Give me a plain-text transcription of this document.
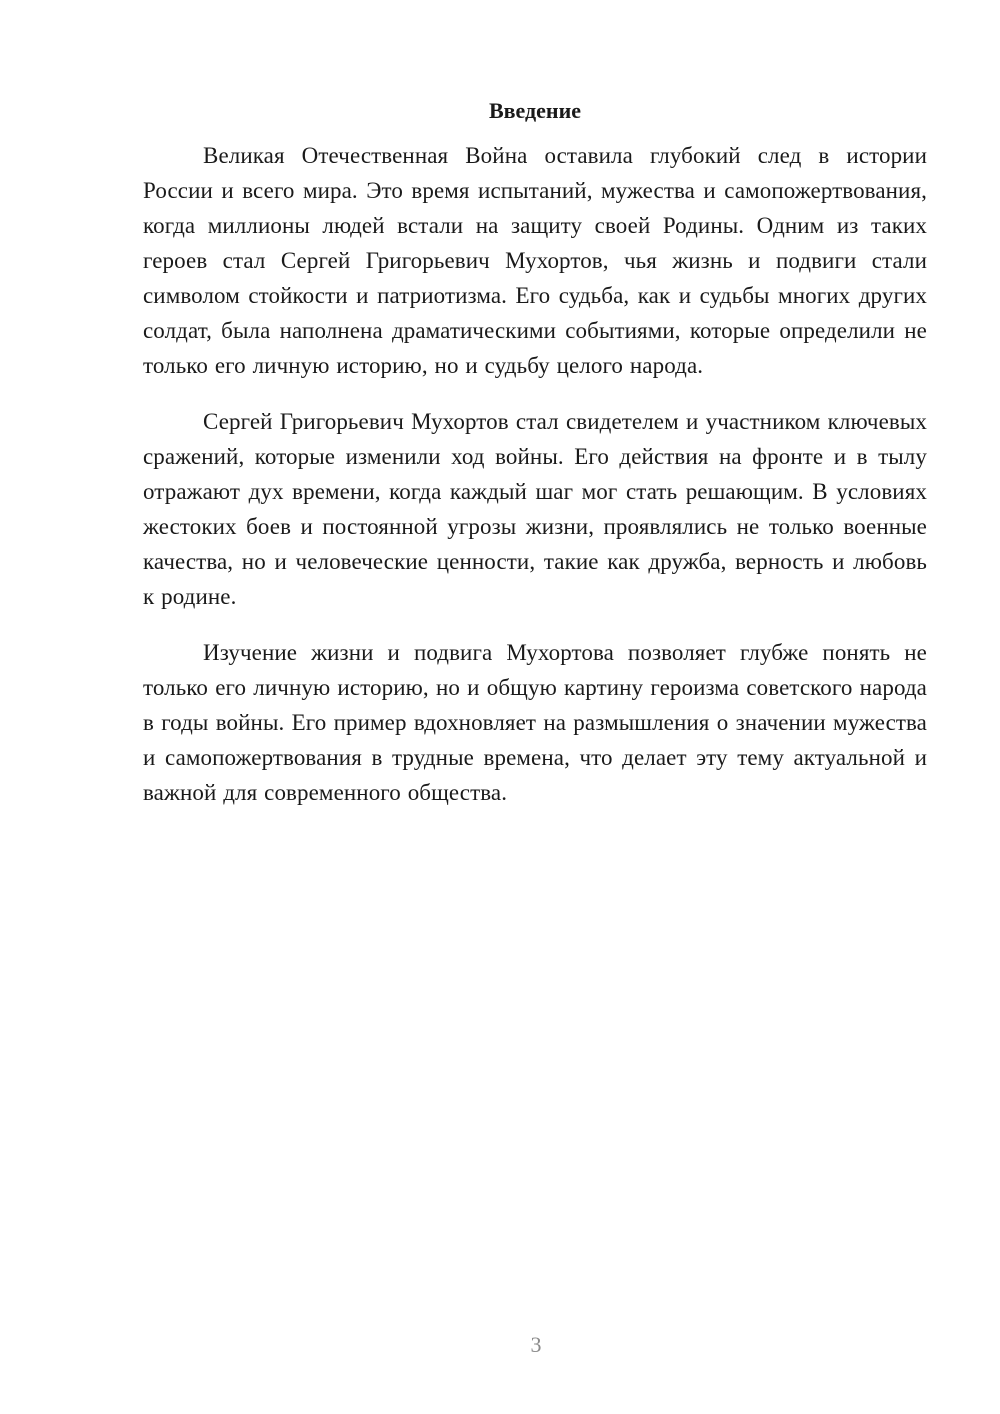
Введение

Великая Отечественная Война оставила глубокий след в истории России и всего мира. Это время испытаний, мужества и самопожертвования, когда миллионы людей встали на защиту своей Родины. Одним из таких героев стал Сергей Григорьевич Мухортов, чья жизнь и подвиги стали символом стойкости и патриотизма. Его судьба, как и судьбы многих других солдат, была наполнена драматическими событиями, которые определили не только его личную историю, но и судьбу целого народа.

Сергей Григорьевич Мухортов стал свидетелем и участником ключевых сражений, которые изменили ход войны. Его действия на фронте и в тылу отражают дух времени, когда каждый шаг мог стать решающим. В условиях жестоких боев и постоянной угрозы жизни, проявлялись не только военные качества, но и человеческие ценности, такие как дружба, верность и любовь к родине.

Изучение жизни и подвига Мухортова позволяет глубже понять не только его личную историю, но и общую картину героизма советского народа в годы войны. Его пример вдохновляет на размышления о значении мужества и самопожертвования в трудные времена, что делает эту тему актуальной и важной для современного общества.

3
